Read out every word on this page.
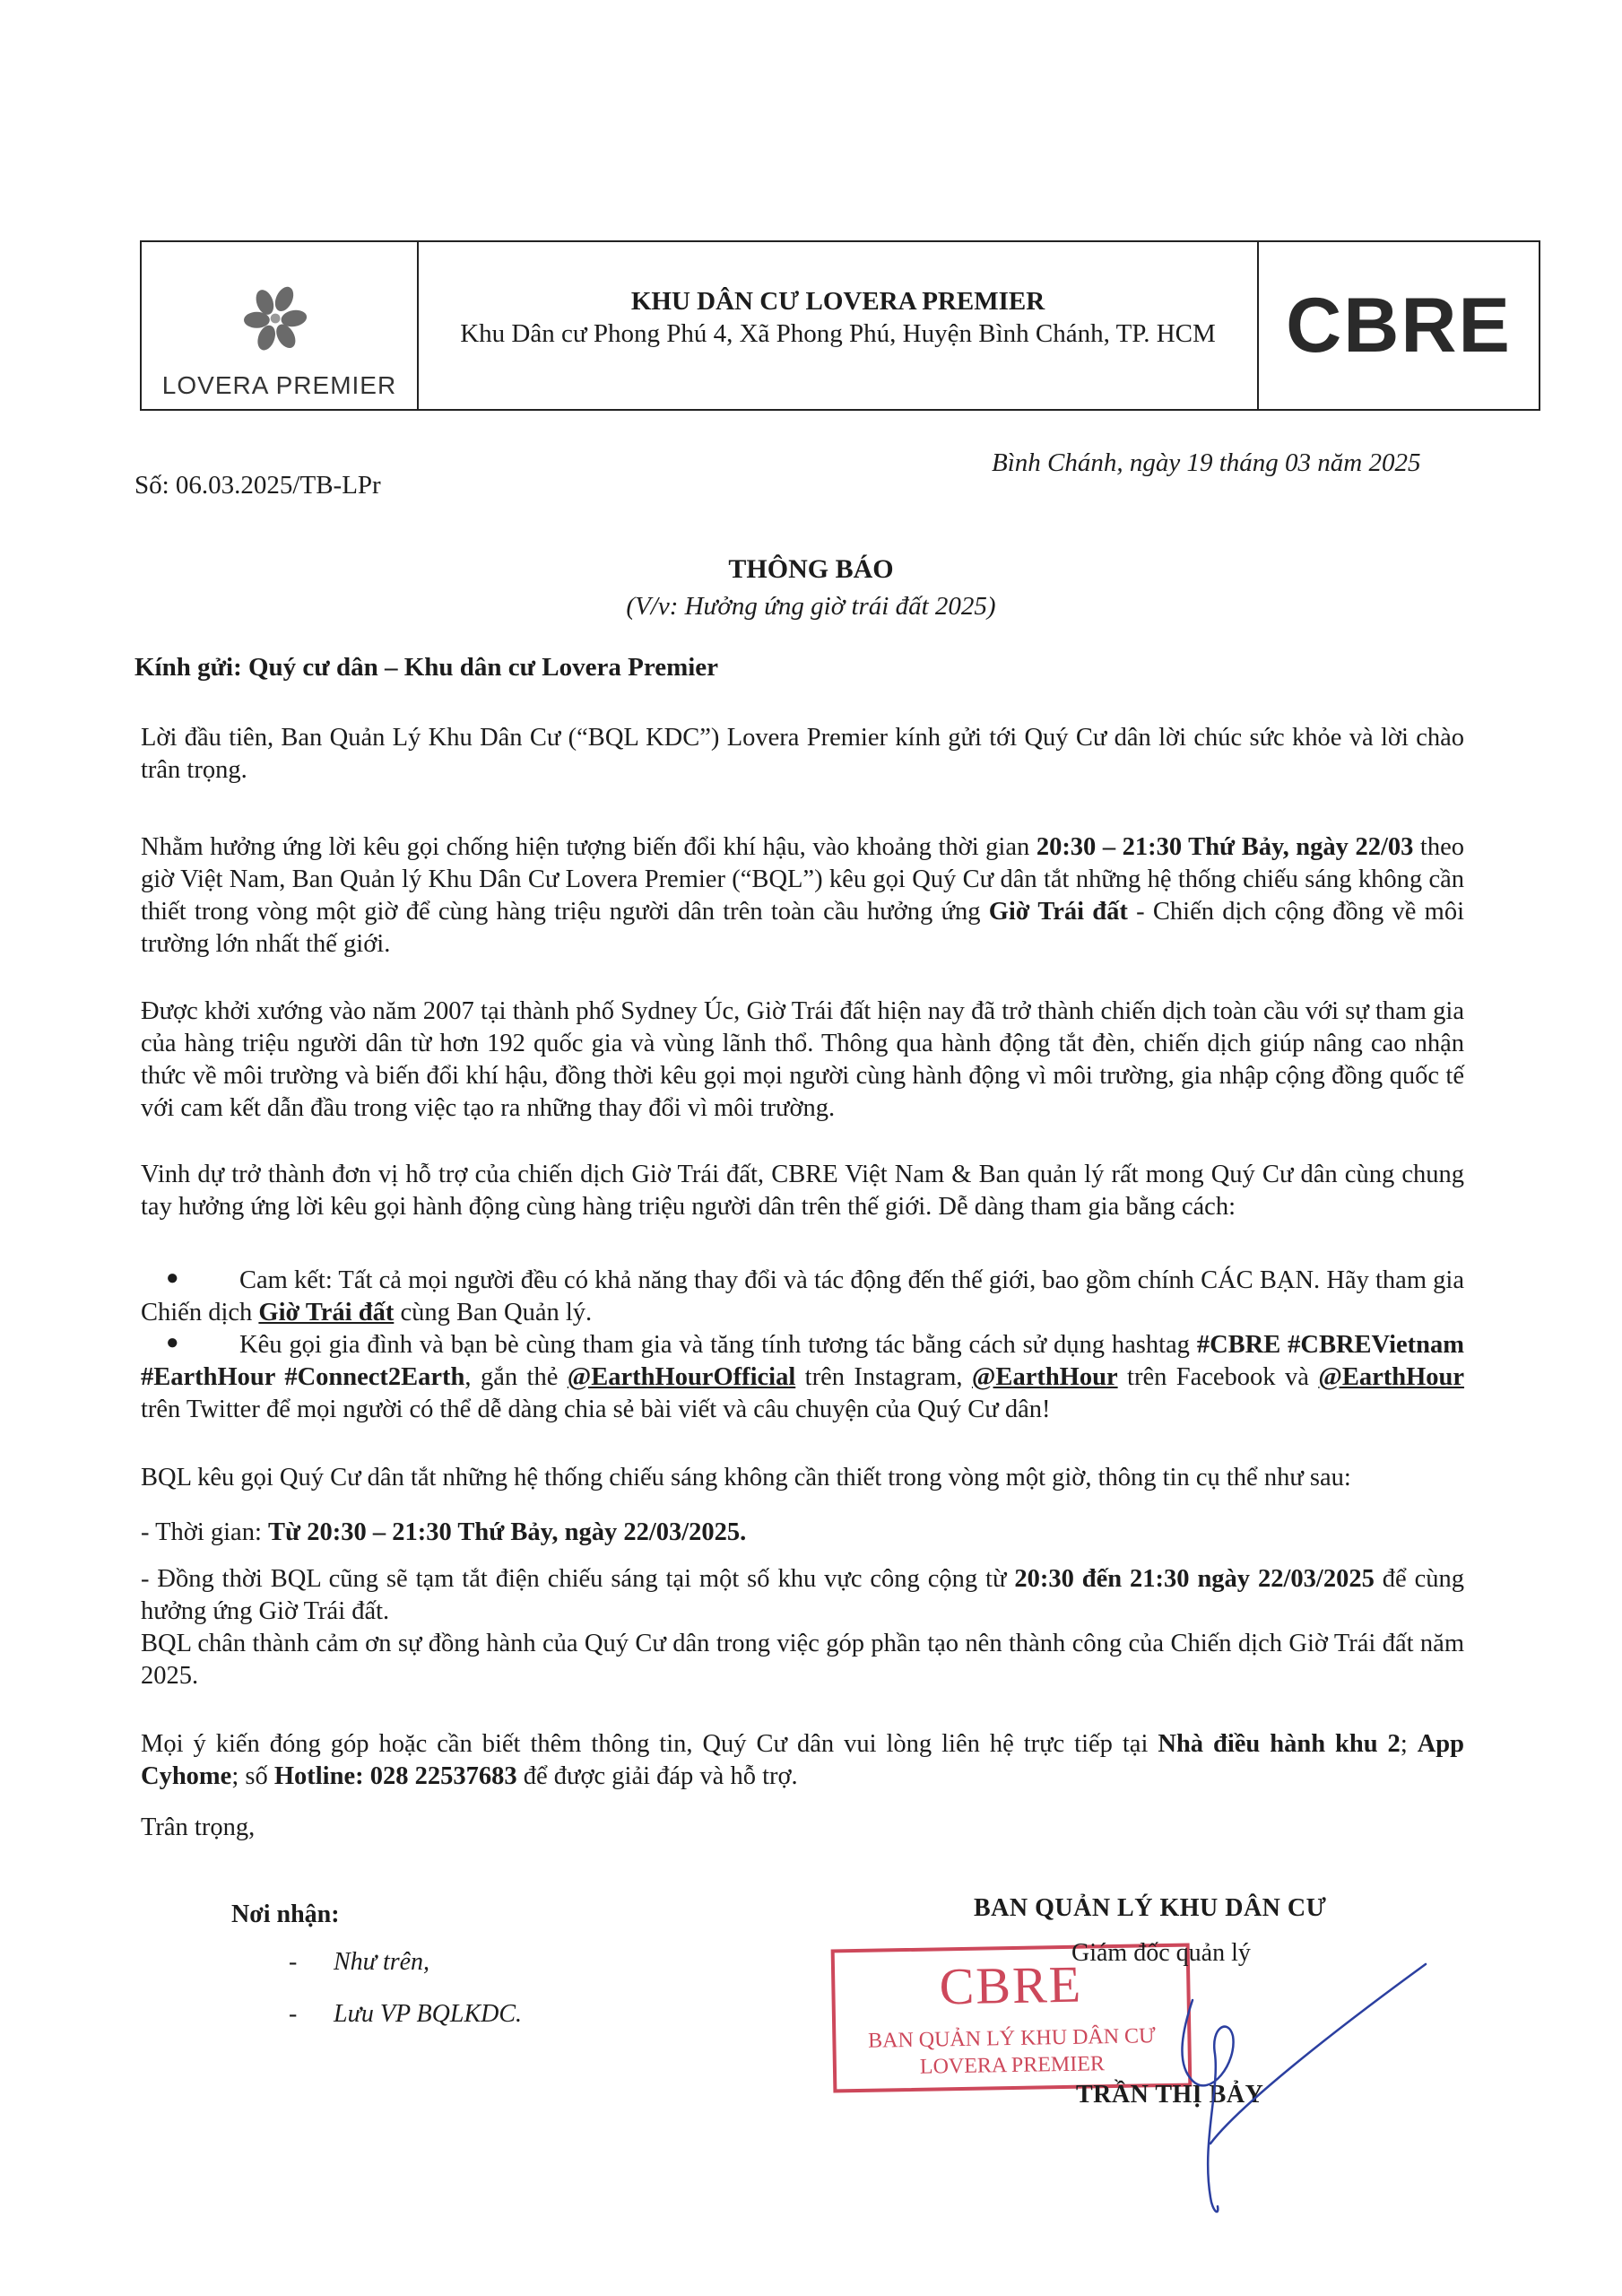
LOVERA PREMIER
KHU DÂN CƯ LOVERA PREMIER
Khu Dân cư Phong Phú 4, Xã Phong Phú, Huyện Bình Chánh, TP. HCM CBRE
Số: 06.03.2025/TB-LPr
Bình Chánh, ngày 19 tháng 03 năm 2025
THÔNG BÁO
(V/v: Hưởng ứng giờ trái đất 2025)
Kính gửi: Quý cư dân – Khu dân cư Lovera Premier
Lời đầu tiên, Ban Quản Lý Khu Dân Cư (“BQL KDC”) Lovera Premier kính gửi tới Quý Cư dân lời chúc sức khỏe và lời chào trân trọng.
Nhằm hưởng ứng lời kêu gọi chống hiện tượng biến đổi khí hậu, vào khoảng thời gian 20:30 – 21:30 Thứ Bảy, ngày 22/03 theo giờ Việt Nam, Ban Quản lý Khu Dân Cư Lovera Premier (“BQL”) kêu gọi Quý Cư dân tắt những hệ thống chiếu sáng không cần thiết trong vòng một giờ để cùng hàng triệu người dân trên toàn cầu hưởng ứng Giờ Trái đất - Chiến dịch cộng đồng về môi trường lớn nhất thế giới.
Được khởi xướng vào năm 2007 tại thành phố Sydney Úc, Giờ Trái đất hiện nay đã trở thành chiến dịch toàn cầu với sự tham gia của hàng triệu người dân từ hơn 192 quốc gia và vùng lãnh thổ. Thông qua hành động tắt đèn, chiến dịch giúp nâng cao nhận thức về môi trường và biến đổi khí hậu, đồng thời kêu gọi mọi người cùng hành động vì môi trường, gia nhập cộng đồng quốc tế với cam kết dẫn đầu trong việc tạo ra những thay đổi vì môi trường.
Vinh dự trở thành đơn vị hỗ trợ của chiến dịch Giờ Trái đất, CBRE Việt Nam & Ban quản lý rất mong Quý Cư dân cùng chung tay hưởng ứng lời kêu gọi hành động cùng hàng triệu người dân trên thế giới. Dễ dàng tham gia bằng cách:
●	Cam kết: Tất cả mọi người đều có khả năng thay đổi và tác động đến thế giới, bao gồm chính CÁC BẠN. Hãy tham gia Chiến dịch Giờ Trái đất cùng Ban Quản lý.
●	Kêu gọi gia đình và bạn bè cùng tham gia và tăng tính tương tác bằng cách sử dụng hashtag #CBRE #CBREVietnam #EarthHour #Connect2Earth, gắn thẻ @EarthHourOfficial trên Instagram, @EarthHour trên Facebook và @EarthHour trên Twitter để mọi người có thể dễ dàng chia sẻ bài viết và câu chuyện của Quý Cư dân!
BQL kêu gọi Quý Cư dân tắt những hệ thống chiếu sáng không cần thiết trong vòng một giờ, thông tin cụ thể như sau:
- Thời gian: Từ 20:30 – 21:30 Thứ Bảy, ngày 22/03/2025.
- Đồng thời BQL cũng sẽ tạm tắt điện chiếu sáng tại một số khu vực công cộng từ 20:30 đến 21:30 ngày 22/03/2025 để cùng hưởng ứng Giờ Trái đất.
BQL chân thành cảm ơn sự đồng hành của Quý Cư dân trong việc góp phần tạo nên thành công của Chiến dịch Giờ Trái đất năm 2025.
Mọi ý kiến đóng góp hoặc cần biết thêm thông tin, Quý Cư dân vui lòng liên hệ trực tiếp tại Nhà điều hành khu 2; App Cyhome; số Hotline: 028 22537683 để được giải đáp và hỗ trợ.
Trân trọng,
Nơi nhận:
- Như trên,
- Lưu VP BQLKDC.	CBRE
BAN QUẢN LÝ KHU DÂN CƯ
LOVERA PREMIER
BAN QUẢN LÝ KHU DÂN CƯ
Giám đốc quản lý
TRẦN THỊ BẢY
